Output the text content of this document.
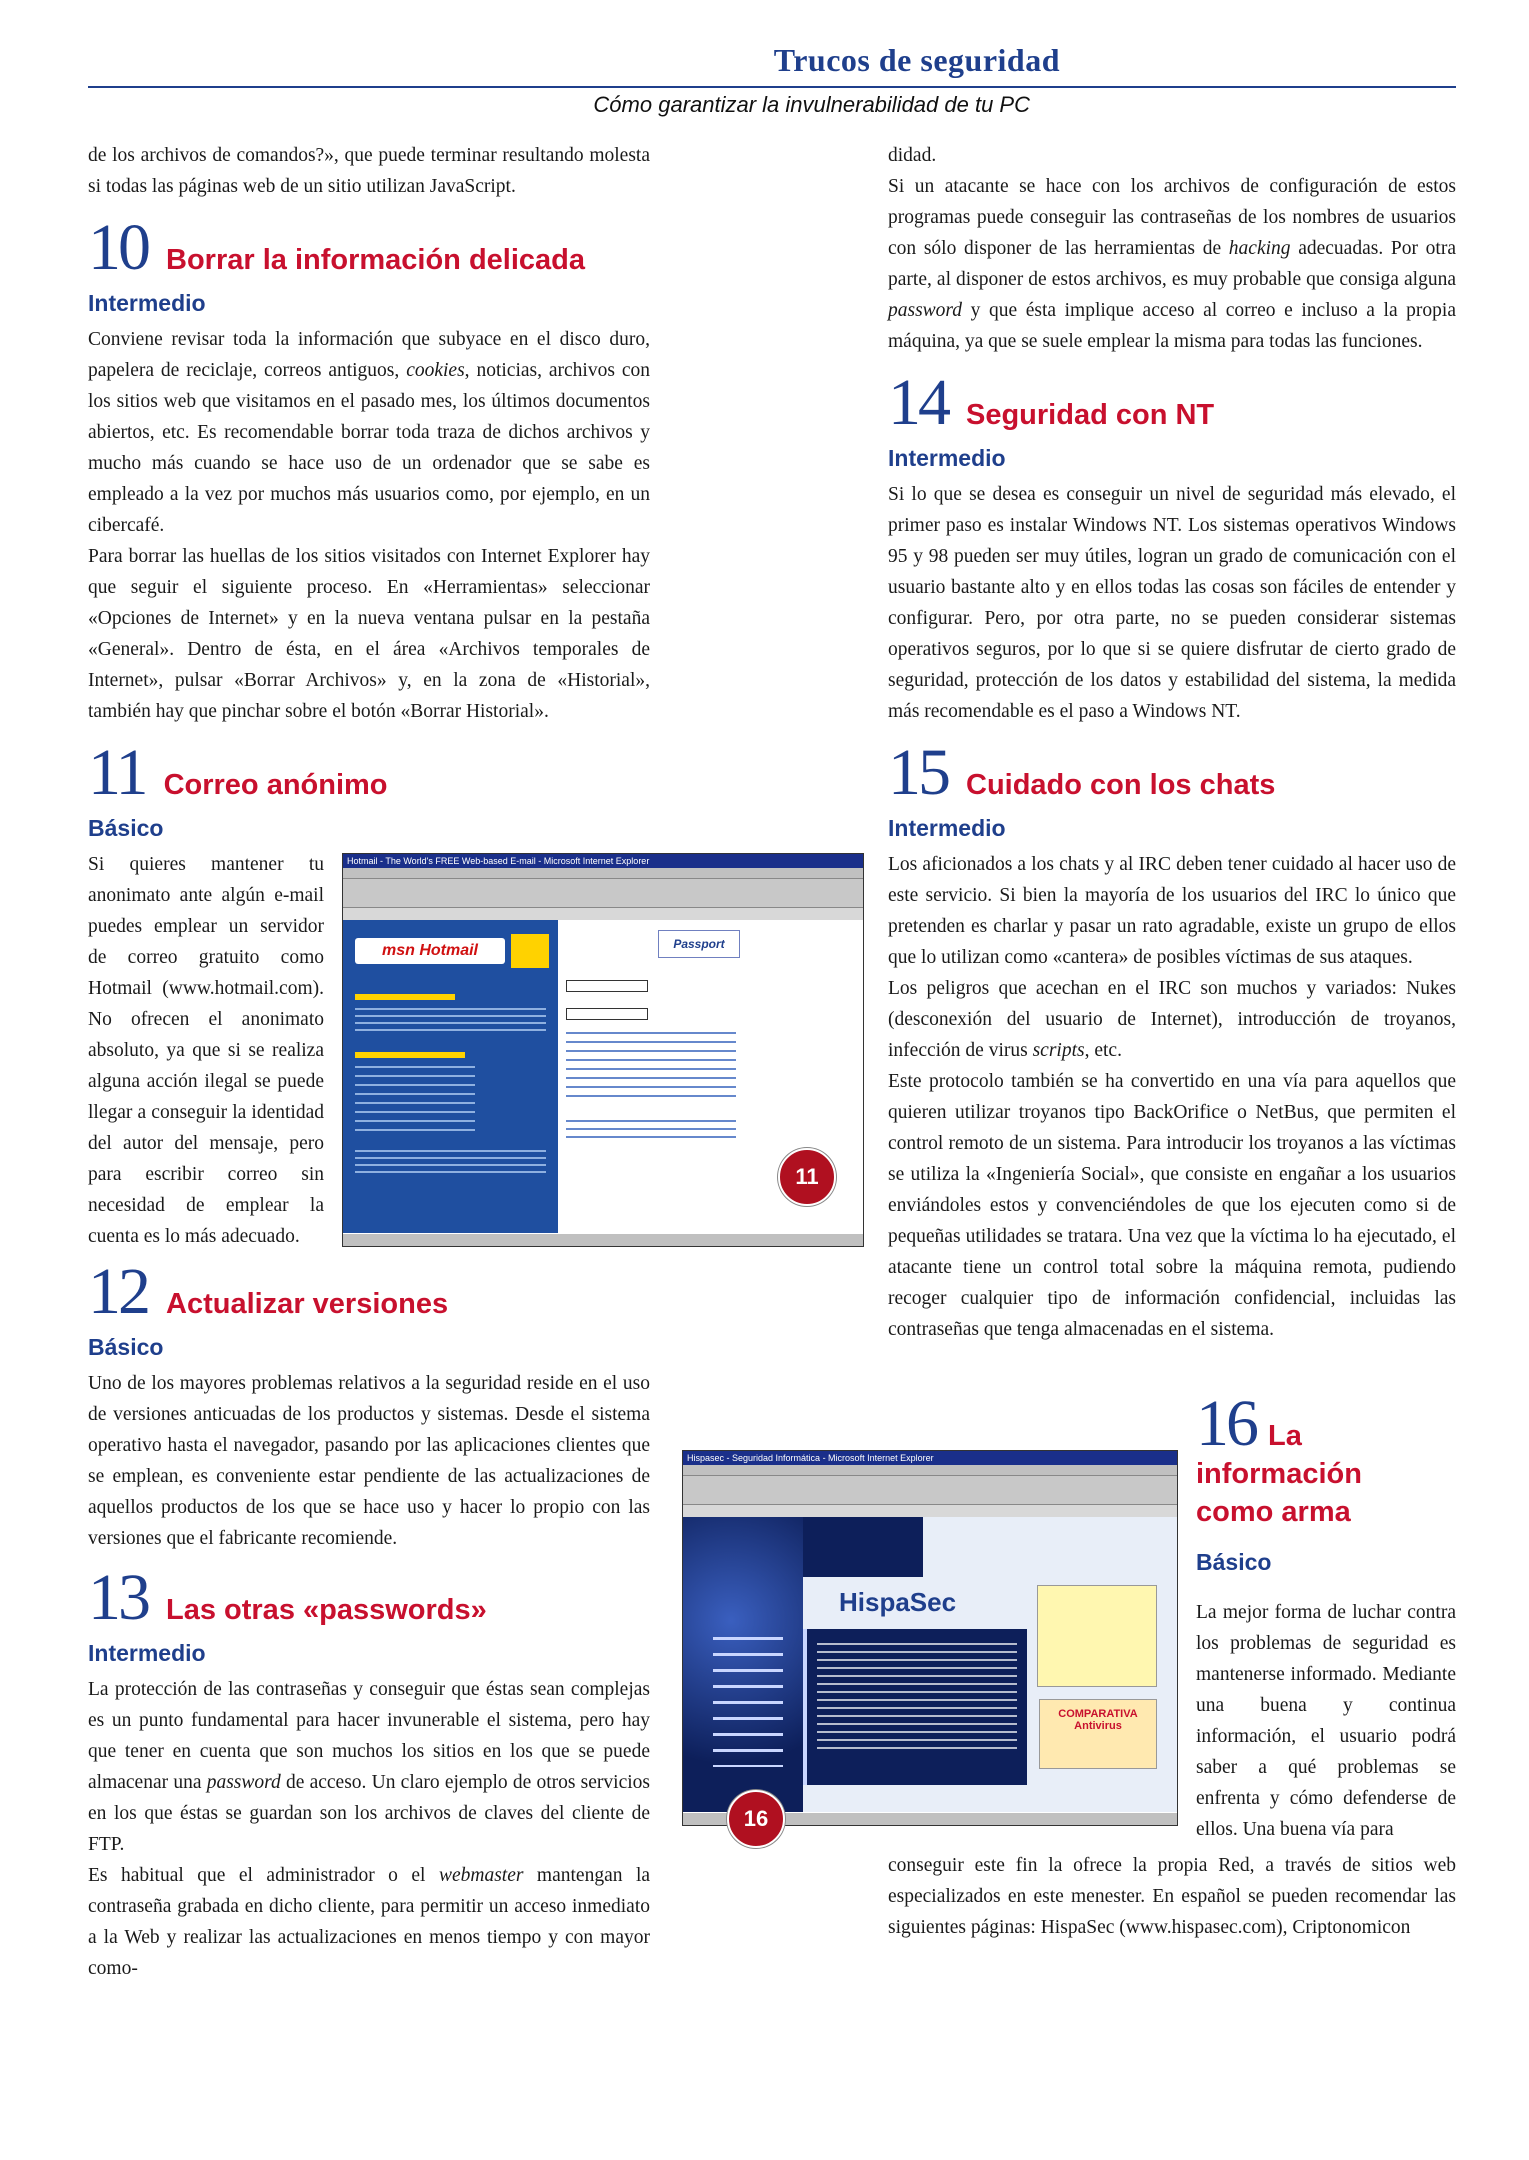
Trucos de seguridad
Cómo garantizar la invulnerabilidad de tu PC

de los archivos de comandos?», que puede terminar resultando molesta si todas las páginas web de un sitio utilizan JavaScript.

10 Borrar la información delicada
Intermedio

Conviene revisar toda la información que subyace en el disco duro, papelera de reciclaje, correos antiguos, cookies, noticias, archivos con los sitios web que visitamos en el pasado mes, los últimos documentos abiertos, etc. Es recomendable borrar toda traza de dichos archivos y mucho más cuando se hace uso de un ordenador que se sabe es empleado a la vez por muchos más usuarios como, por ejemplo, en un cibercafé.

Para borrar las huellas de los sitios visitados con Internet Explorer hay que seguir el siguiente proceso. En «Herramientas» seleccionar «Opciones de Internet» y en la nueva ventana pulsar en la pestaña «General». Dentro de ésta, en el área «Archivos temporales de Internet», pulsar «Borrar Archivos» y, en la zona de «Historial», también hay que pinchar sobre el botón «Borrar Historial».

11 Correo anónimo
Básico

Si quieres mantener tu anonimato ante algún e-mail puedes emplear un servidor de correo gratuito como Hotmail (www.hotmail.com). No ofrecen el anonimato absoluto, ya que si se realiza alguna acción ilegal se puede llegar a conseguir la identidad del autor del mensaje, pero para escribir correo sin necesidad de emplear la cuenta es lo más adecuado.

Hotmail - The World's FREE Web-based E-mail - Microsoft Internet Explorer
msn Hotmail	Passport
11
12 Actualizar versiones
Básico

Uno de los mayores problemas relativos a la seguridad reside en el uso de versiones anticuadas de los productos y sistemas. Desde el sistema operativo hasta el navegador, pasando por las aplicaciones clientes que se emplean, es conveniente estar pendiente de las actualizaciones de aquellos productos de los que se hace uso y hacer lo propio con las versiones que el fabricante recomiende.

13 Las otras «passwords»
Intermedio

La protección de las contraseñas y conseguir que éstas sean complejas es un punto fundamental para hacer invunerable el sistema, pero hay que tener en cuenta que son muchos los sitios en los que se puede almacenar una password de acceso. Un claro ejemplo de otros servicios en los que éstas se guardan son los archivos de claves del cliente de FTP.

Es habitual que el administrador o el webmaster mantengan la contraseña grabada en dicho cliente, para permitir un acceso inmediato a la Web y realizar las actualizaciones en menos tiempo y con mayor como-

didad.

Si un atacante se hace con los archivos de configuración de estos programas puede conseguir las contraseñas de los nombres de usuarios con sólo disponer de las herramientas de hacking adecuadas. Por otra parte, al disponer de estos archivos, es muy probable que consiga alguna password y que ésta implique acceso al correo e incluso a la propia máquina, ya que se suele emplear la misma para todas las funciones.

14 Seguridad con NT
Intermedio

Si lo que se desea es conseguir un nivel de seguridad más elevado, el primer paso es instalar Windows NT. Los sistemas operativos Windows 95 y 98 pueden ser muy útiles, logran un grado de comunicación con el usuario bastante alto y en ellos todas las cosas son fáciles de entender y configurar. Pero, por otra parte, no se pueden considerar sistemas operativos seguros, por lo que si se quiere disfrutar de cierto grado de seguridad, protección de los datos y estabilidad del sistema, la medida más recomendable es el paso a Windows NT.

15 Cuidado con los chats
Intermedio

Los aficionados a los chats y al IRC deben tener cuidado al hacer uso de este servicio. Si bien la mayoría de los usuarios del IRC lo único que pretenden es charlar y pasar un rato agradable, existe un grupo de ellos que lo utilizan como «cantera» de posibles víctimas de sus ataques.

Los peligros que acechan en el IRC son muchos y variados: Nukes (desconexión del usuario de Internet), introducción de troyanos, infección de virus scripts, etc.

Este protocolo también se ha convertido en una vía para aquellos que quieren utilizar troyanos tipo BackOrifice o NetBus, que permiten el control remoto de un sistema. Para introducir los troyanos a las víctimas se utiliza la «Ingeniería Social», que consiste en engañar a los usuarios enviándoles estos y convenciéndoles de que los ejecuten como si de pequeñas utilidades se tratara. Una vez que la víctima lo ha ejecutado, el atacante tiene un control total sobre la máquina remota, pudiendo recoger cualquier tipo de información confidencial, incluidas las contraseñas que tenga almacenadas en el sistema.

16 La
información
como arma
Básico

La mejor forma de luchar contra los problemas de seguridad es mantenerse informado. Mediante una buena y continua información, el usuario podrá saber a qué problemas se enfrenta y cómo defenderse de ellos. Una buena vía para

conseguir este fin la ofrece la propia Red, a través de sitios web especializados en este menester. En español se pueden recomendar las siguientes páginas: HispaSec (www.hispasec.com), Criptonomicon

Hispasec - Seguridad Informática - Microsoft Internet Explorer
HispaSec
COMPARATIVA Antivirus
16
